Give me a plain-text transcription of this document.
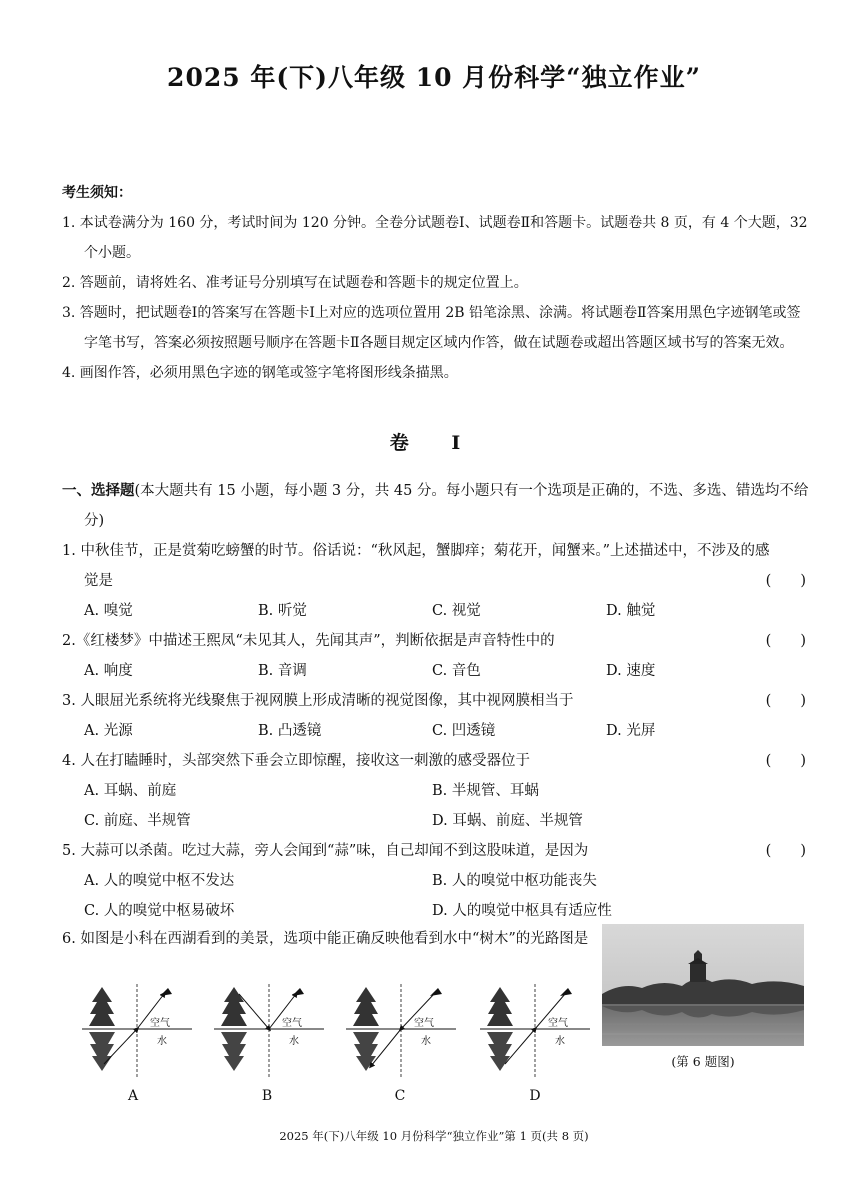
2025 年(下)八年级 10 月份科学“独立作业”
考生须知：
1. 本试卷满分为 160 分，考试时间为 120 分钟。全卷分试题卷Ⅰ、试题卷Ⅱ和答题卡。试题卷共 8 页，有 4 个大题，32 个小题。
2. 答题前，请将姓名、准考证号分别填写在试题卷和答题卡的规定位置上。
3. 答题时，把试题卷Ⅰ的答案写在答题卡Ⅰ上对应的选项位置用 2B 铅笔涂黑、涂满。将试题卷Ⅱ答案用黑色字迹钢笔或签字笔书写，答案必须按照题号顺序在答题卡Ⅱ各题目规定区域内作答，做在试题卷或超出答题区域书写的答案无效。
4. 画图作答，必须用黑色字迹的钢笔或签字笔将图形线条描黑。
卷 Ⅰ
一、选择题(本大题共有 15 小题，每小题 3 分，共 45 分。每小题只有一个选项是正确的，不选、多选、错选均不给分)
1. 中秋佳节，正是赏菊吃螃蟹的时节。俗话说：“秋风起，蟹脚痒；菊花开，闻蟹来。”上述描述中，不涉及的感觉是	(　　)
A. 嗅觉	B. 听觉	C. 视觉	D. 触觉
2.《红楼梦》中描述王熙凤“未见其人，先闻其声”，判断依据是声音特性中的	(　　)
A. 响度	B. 音调	C. 音色	D. 速度
3. 人眼屈光系统将光线聚焦于视网膜上形成清晰的视觉图像，其中视网膜相当于	(　　)
A. 光源	B. 凸透镜	C. 凹透镜	D. 光屏
4. 人在打瞌睡时，头部突然下垂会立即惊醒，接收这一刺激的感受器位于	(　　)
A. 耳蜗、前庭	B. 半规管、耳蜗
C. 前庭、半规管	D. 耳蜗、前庭、半规管
5. 大蒜可以杀菌。吃过大蒜，旁人会闻到“蒜”味，自己却闻不到这股味道，是因为	(　　)
A. 人的嗅觉中枢不发达	B. 人的嗅觉中枢功能丧失
C. 人的嗅觉中枢易破坏	D. 人的嗅觉中枢具有适应性
6. 如图是小科在西湖看到的美景，选项中能正确反映他看到水中“树木”的光路图是
空气
水
空气
水
空气
水
空气
水
A	B	C	D
(第 6 题图)
2025 年(下)八年级 10 月份科学“独立作业”第 1 页(共 8 页)
